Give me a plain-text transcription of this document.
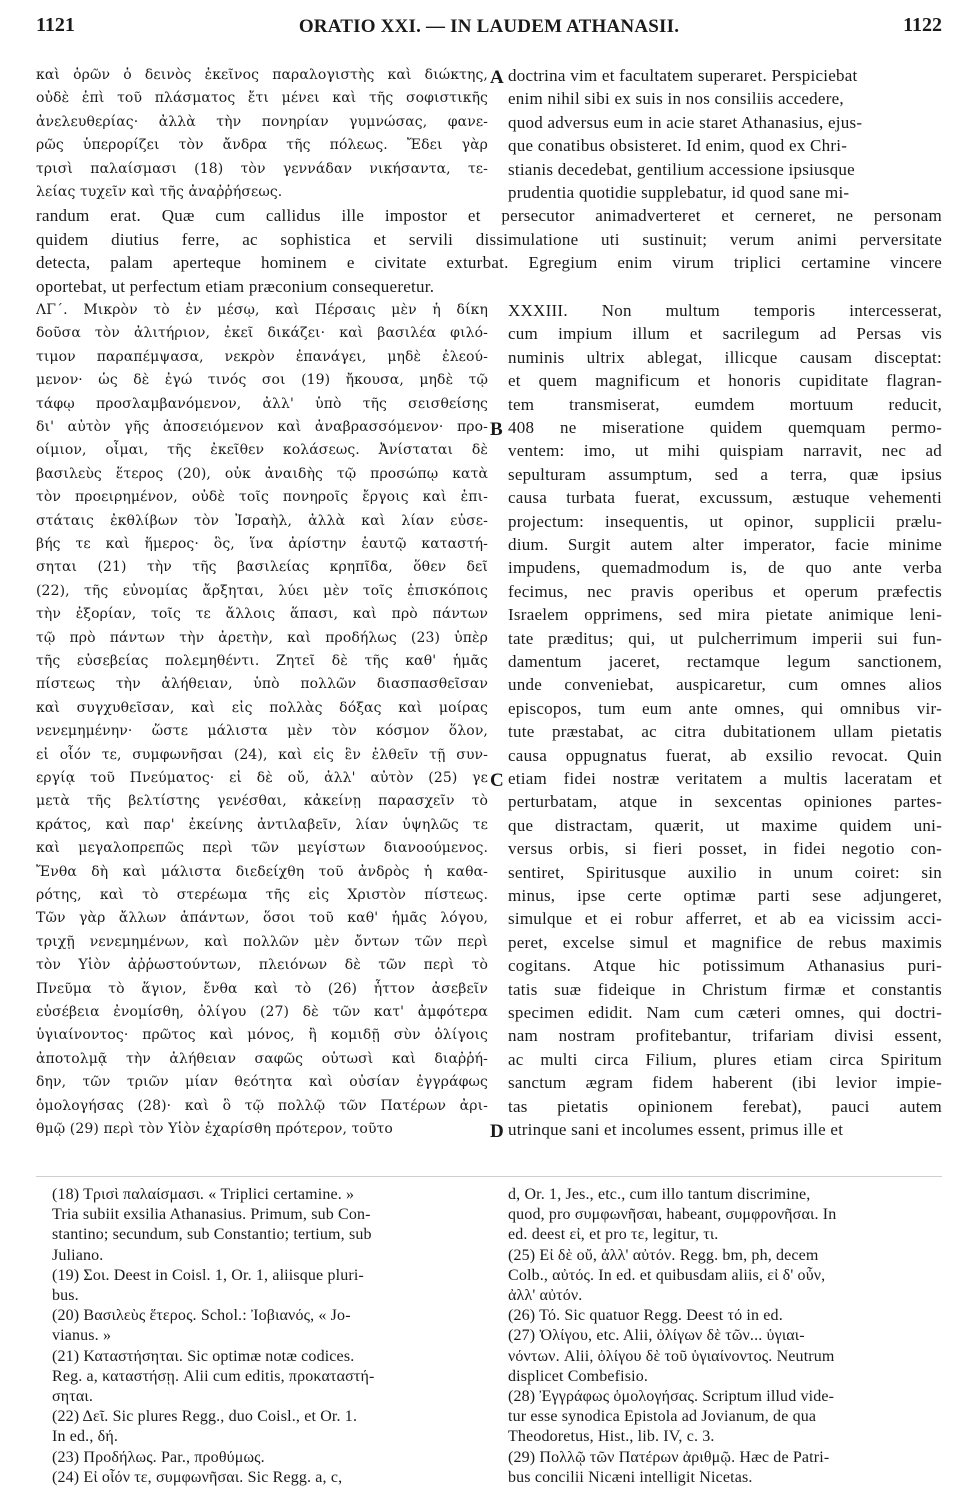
1121	ORATIO XXI. — IN LAUDEM ATHANASII.	1122
καὶ ὁρῶν ὁ δεινὸς ἐκεῖνος παραλογιστὴς καὶ διώκτης,
οὐδὲ ἐπὶ τοῦ πλάσματος ἔτι μένει καὶ τῆς σοφιστικῆς
ἀνελευθερίας· ἀλλὰ τὴν πονηρίαν γυμνώσας, φανε-
ρῶς ὑπερορίζει τὸν ἄνδρα τῆς πόλεως. Ἔδει γὰρ
τρισὶ παλαίσμασι (18) τὸν γεννάδαν νικήσαντα, τε-
λείας τυχεῖν καὶ τῆς ἀναῤῥήσεως.
doctrina vim et facultatem superaret. Perspiciebat
enim nihil sibi ex suis in nos consiliis accedere,
quod adversus eum in acie staret Athanasius, ejus-
que conatibus obsisteret. Id enim, quod ex Chri-
stianis decedebat, gentilium accessione ipsiusque
prudentia quotidie supplebatur, id quod sane mi-
randum erat. Quæ cum callidus ille impostor et persecutor animadverteret et cerneret, ne personam
quidem diutius ferre, ac sophistica et servili dissimulatione uti sustinuit; verum animi perversitate
detecta, palam aperteque hominem e civitate exturbat. Egregium enim virum triplici certamine vincere
oportebat, ut perfectum etiam præconium consequeretur.
ΛΓ΄. Μικρὸν τὸ ἐν μέσῳ, καὶ Πέρσαις μὲν ἡ δίκη
δοῦσα τὸν ἀλιτήριον, ἐκεῖ δικάζει· καὶ βασιλέα φιλό-
τιμον παραπέμψασα, νεκρὸν ἐπανάγει, μηδὲ ἐλεού-
μενον· ὡς δὲ ἐγώ τινός σοι (19) ἤκουσα, μηδὲ τῷ
τάφῳ προσλαμβανόμενον, ἀλλ' ὑπὸ τῆς σεισθείσης
δι' αὐτὸν γῆς ἀποσειόμενον καὶ ἀναβρασσόμενον· προ-
οίμιον, οἶμαι, τῆς ἐκεῖθεν κολάσεως. Ἀνίσταται δὲ
βασιλεὺς ἕτερος (20), οὐκ ἀναιδὴς τῷ προσώπῳ κατὰ
τὸν προειρημένον, οὐδὲ τοῖς πονηροῖς ἔργοις καὶ ἐπι-
στάταις ἐκθλίβων τὸν Ἰσραὴλ, ἀλλὰ καὶ λίαν εὐσε-
βής τε καὶ ἥμερος· ὃς, ἵνα ἀρίστην ἑαυτῷ καταστή-
σηται (21) τὴν τῆς βασιλείας κρηπῖδα, ὅθεν δεῖ
(22), τῆς εὐνομίας ἄρξηται, λύει μὲν τοῖς ἐπισκόποις
τὴν ἐξορίαν, τοῖς τε ἄλλοις ἅπασι, καὶ πρὸ πάντων
τῷ πρὸ πάντων τὴν ἀρετὴν, καὶ προδήλως (23) ὑπὲρ
τῆς εὐσεβείας πολεμηθέντι. Ζητεῖ δὲ τῆς καθ' ἡμᾶς
πίστεως τὴν ἀλήθειαν, ὑπὸ πολλῶν διασπασθεῖσαν
καὶ συγχυθεῖσαν, καὶ εἰς πολλὰς δόξας καὶ μοίρας
νενεμημένην· ὥστε μάλιστα μὲν τὸν κόσμον ὅλον,
εἰ οἷόν τε, συμφωνῆσαι (24), καὶ εἰς ἓν ἐλθεῖν τῇ συν-
εργίᾳ τοῦ Πνεύματος· εἰ δὲ οὔ, ἀλλ' αὐτὸν (25) γε
μετὰ τῆς βελτίστης γενέσθαι, κἀκείνῃ παρασχεῖν τὸ
κράτος, καὶ παρ' ἐκείνης ἀντιλαβεῖν, λίαν ὑψηλῶς τε
καὶ μεγαλοπρεπῶς περὶ τῶν μεγίστων διανοούμενος.
Ἔνθα δὴ καὶ μάλιστα διεδείχθη τοῦ ἀνδρὸς ἡ καθα-
ρότης, καὶ τὸ στερέωμα τῆς εἰς Χριστὸν πίστεως.
Τῶν γὰρ ἄλλων ἁπάντων, ὅσοι τοῦ καθ' ἡμᾶς λόγου,
τριχῇ νενεμημένων, καὶ πολλῶν μὲν ὄντων τῶν περὶ
τὸν Υἱὸν ἀῤῥωστούντων, πλειόνων δὲ τῶν περὶ τὸ
Πνεῦμα τὸ ἅγιον, ἔνθα καὶ τὸ (26) ἧττον ἀσεβεῖν
εὐσέβεια ἐνομίσθη, ὀλίγου (27) δὲ τῶν κατ' ἀμφότερα
ὑγιαίνοντος· πρῶτος καὶ μόνος, ἢ κομιδῇ σὺν ὀλίγοις
ἀποτολμᾷ τὴν ἀλήθειαν σαφῶς οὑτωσὶ καὶ διαῤῥή-
δην, τῶν τριῶν μίαν θεότητα καὶ οὐσίαν ἐγγράφως
ὁμολογήσας (28)· καὶ ὃ τῷ πολλῷ τῶν Πατέρων ἀρι-
θμῷ (29) περὶ τὸν Υἱὸν ἐχαρίσθη πρότερον, τοῦτο
XXXIII. Non multum temporis intercesserat,
cum impium illum et sacrilegum ad Persas vis
numinis ultrix ablegat, illicque causam disceptat:
et quem magnificum et honoris cupiditate flagran-
tem transmiserat, eumdem mortuum reducit,
408 ne miseratione quidem quemquam permo-
ventem: imo, ut mihi quispiam narravit, nec ad
sepulturam assumptum, sed a terra, quæ ipsius
causa turbata fuerat, excussum, æstuque vehementi
projectum: insequentis, ut opinor, supplicii prælu-
dium. Surgit autem alter imperator, facie minime
impudens, quemadmodum is, de quo ante verba
fecimus, nec pravis operibus et operum præfectis
Israelem opprimens, sed mira pietate animique leni-
tate præditus; qui, ut pulcherrimum imperii sui fun-
damentum jaceret, rectamque legum sanctionem,
unde conveniebat, auspicaretur, cum omnes alios
episcopos, tum eum ante omnes, qui omnibus vir-
tute præstabat, ac citra dubitationem ullam pietatis
causa oppugnatus fuerat, ab exsilio revocat. Quin
etiam fidei nostræ veritatem a multis laceratam et
perturbatam, atque in sexcentas opiniones partes-
que distractam, quærit, ut maxime quidem uni-
versus orbis, si fieri posset, in fidei negotio con-
sentiret, Spiritusque auxilio in unum coiret: sin
minus, ipse certe optimæ parti sese adjungeret,
simulque et ei robur afferret, et ab ea vicissim acci-
peret, excelse simul et magnifice de rebus maximis
cogitans. Atque hic potissimum Athanasius puri-
tatis suæ fideique in Christum firmæ et constantis
specimen edidit. Nam cum cæteri omnes, qui doctri-
nam nostram profitebantur, trifariam divisi essent,
ac multi circa Filium, plures etiam circa Spiritum
sanctum ægram fidem haberent (ibi levior impie-
tas pietatis opinionem ferebat), pauci autem
utrinque sani et incolumes essent, primus ille et
A
B
C
D
(18) Τρισὶ παλαίσμασι. « Triplici certamine. »
Tria subiit exsilia Athanasius. Primum, sub Con-
stantino; secundum, sub Constantio; tertium, sub
Juliano.
(19) Σοι. Deest in Coisl. 1, Or. 1, aliisque pluri-
bus.
(20) Βασιλεὺς ἕτερος. Schol.: Ἰοβιανός, « Jo-
vianus. »
(21) Καταστήσηται. Sic optimæ notæ codices.
Reg. a, καταστήσῃ. Alii cum editis, προκαταστή-
σηται.
(22) Δεῖ. Sic plures Regg., duo Coisl., et Or. 1.
In ed., δή.
(23) Προδήλως. Par., προθύμως.
(24) Εἰ οἷόν τε, συμφωνῆσαι. Sic Regg. a, c,
d, Or. 1, Jes., etc., cum illo tantum discrimine,
quod, pro συμφωνῆσαι, habeant, συμφρονῆσαι. In
ed. deest εἰ, et pro τε, legitur, τι.
(25) Εἰ δὲ οὔ, ἀλλ' αὐτόν. Regg. bm, ph, decem
Colb., αὐτός. In ed. et quibusdam aliis, εἰ δ' οὖν,
ἀλλ' αὐτόν.
(26) Τό. Sic quatuor Regg. Deest τό in ed.
(27) Ὀλίγου, etc. Alii, ὀλίγων δὲ τῶν... ὑγιαι-
νόντων. Alii, ὀλίγου δὲ τοῦ ὑγιαίνοντος. Neutrum
displicet Combefisio.
(28) Ἐγγράφως ὁμολογήσας. Scriptum illud vide-
tur esse synodica Epistola ad Jovianum, de qua
Theodoretus, Hist., lib. IV, c. 3.
(29) Πολλῷ τῶν Πατέρων ἀριθμῷ. Hæc de Patri-
bus concilii Nicæni intelligit Nicetas.
